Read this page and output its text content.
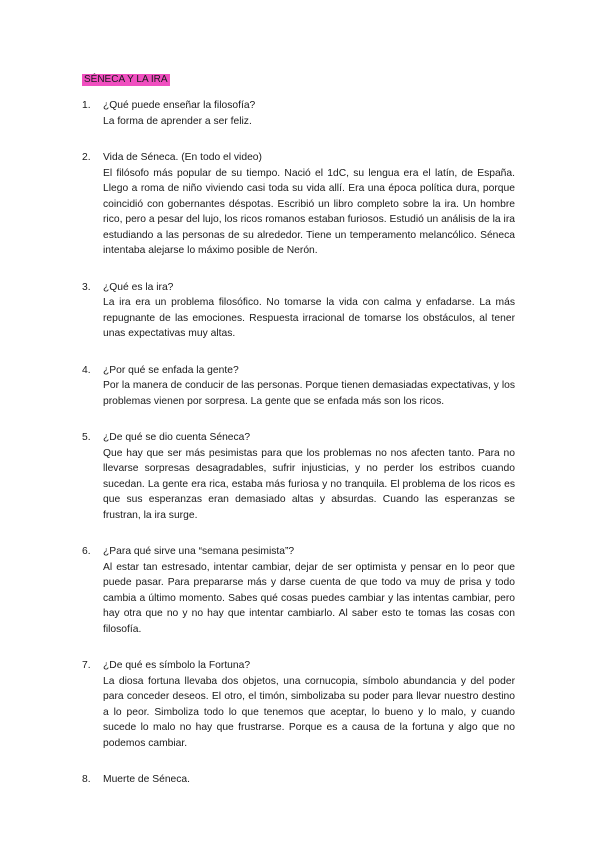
SÉNECA Y LA IRA
1. ¿Qué puede enseñar la filosofía?

La forma de aprender a ser feliz.

2. Vida de Séneca. (En todo el video)

El filósofo más popular de su tiempo. Nació el 1dC, su lengua era el latín, de España. Llego a roma de niño viviendo casi toda su vida allí. Era una época política dura, porque coincidió con gobernantes déspotas. Escribió un libro completo sobre la ira. Un hombre rico, pero a pesar del lujo, los ricos romanos estaban furiosos. Estudió un análisis de la ira estudiando a las personas de su alrededor. Tiene un temperamento melancólico. Séneca intentaba alejarse lo máximo posible de Nerón.

3. ¿Qué es la ira?

La ira era un problema filosófico. No tomarse la vida con calma y enfadarse. La más repugnante de las emociones. Respuesta irracional de tomarse los obstáculos, al tener unas expectativas muy altas.

4. ¿Por qué se enfada la gente?

Por la manera de conducir de las personas. Porque tienen demasiadas expectativas, y los problemas vienen por sorpresa. La gente que se enfada más son los ricos.

5. ¿De qué se dio cuenta Séneca?

Que hay que ser más pesimistas para que los problemas no nos afecten tanto. Para no llevarse sorpresas desagradables, sufrir injusticias, y no perder los estribos cuando sucedan. La gente era rica, estaba más furiosa y no tranquila. El problema de los ricos es que sus esperanzas eran demasiado altas y absurdas. Cuando las esperanzas se frustran, la ira surge.

6. ¿Para qué sirve una “semana pesimista”?

Al estar tan estresado, intentar cambiar, dejar de ser optimista y pensar en lo peor que puede pasar. Para prepararse más y darse cuenta de que todo va muy de prisa y todo cambia a último momento. Sabes qué cosas puedes cambiar y las intentas cambiar, pero hay otra que no y no hay que intentar cambiarlo. Al saber esto te tomas las cosas con filosofía.

7. ¿De qué es símbolo la Fortuna?

La diosa fortuna llevaba dos objetos, una cornucopia, símbolo abundancia y del poder para conceder deseos. El otro, el timón, simbolizaba su poder para llevar nuestro destino a lo peor. Simboliza todo lo que tenemos que aceptar, lo bueno y lo malo, y cuando sucede lo malo no hay que frustrarse. Porque es a causa de la fortuna y algo que no podemos cambiar.

8. Muerte de Séneca.
